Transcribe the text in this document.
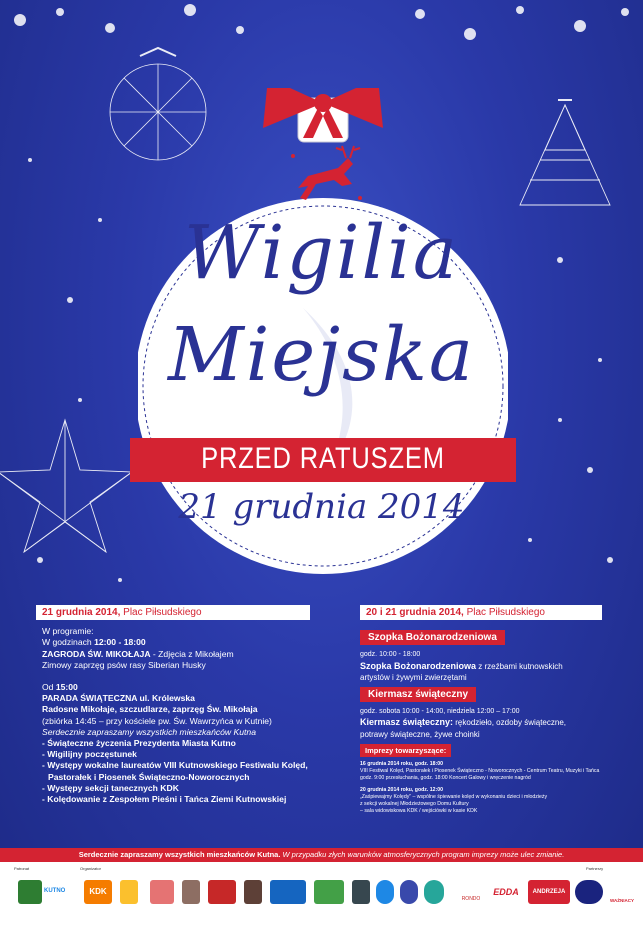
Wigilia
Miejska
PRZED RATUSZEM
21 grudnia 2014
21 grudnia 2014, Plac Piłsudskiego
W programie:
W godzinach 12:00 - 18:00
ZAGRODA ŚW. MIKOŁAJA - Zdjęcia z Mikołajem
Zimowy zaprzęg psów rasy Siberian Husky
Od 15:00
PARADA ŚWIĄTECZNA ul. Królewska
Radosne Mikołaje, szczudlarze, zaprzęg Św. Mikołaja
(zbiórka 14:45 – przy kościele pw. Św. Wawrzyńca w Kutnie)
Serdecznie zapraszamy wszystkich mieszkańców Kutna
- Świąteczne życzenia Prezydenta Miasta Kutno
- Wigilijny poczęstunek
- Występy wokalne laureatów VIII Kutnowskiego Festiwalu Kolęd,
Pastorałek i Piosenek Świąteczno-Noworocznych
- Występy sekcji tanecznych KDK
- Kolędowanie z Zespołem Pieśni i Tańca Ziemi Kutnowskiej
20 i 21 grudnia 2014, Plac Piłsudskiego
Szopka Bożonarodzeniowa
godz. 10:00 - 18:00
Szopka Bożonarodzeniowa z rzeźbami kutnowskich
artystów i żywymi zwierzętami
Kiermasz świąteczny
godz. sobota 10:00 - 14:00, niedziela 12:00 – 17:00
Kiermasz świąteczny: rękodzieło, ozdoby świąteczne,
potrawy świąteczne, żywe choinki
Imprezy towarzyszące:
16 grudnia 2014 roku, godz. 18:00
VIII Festiwal Kolęd, Pastorałek i Piosenek Świąteczno - Noworocznych - Centrum Teatru, Muzyki i Tańca
godz. 9:00 przesłuchania, godz. 18:00 Koncert Galowy i wręczenie nagród
20 grudnia 2014 roku, godz. 12:00
„Zaśpiewajmy Kolędy” – wspólne śpiewanie kolęd w wykonaniu dzieci i młodzieży
z sekcji wokalnej Młodzieżowego Domu Kultury
– sala widowiskowa KDK / wejściówki w kasie KDK
Serdecznie zapraszamy wszystkich mieszkańców Kutna. W przypadku złych warunków atmosferycznych program imprezy może ulec zmianie.
Patronat	Organizator	Partnerzy
KUTNO	KDK
RONDO
EDDA	ANDRZEJA
WAŻNIACY
